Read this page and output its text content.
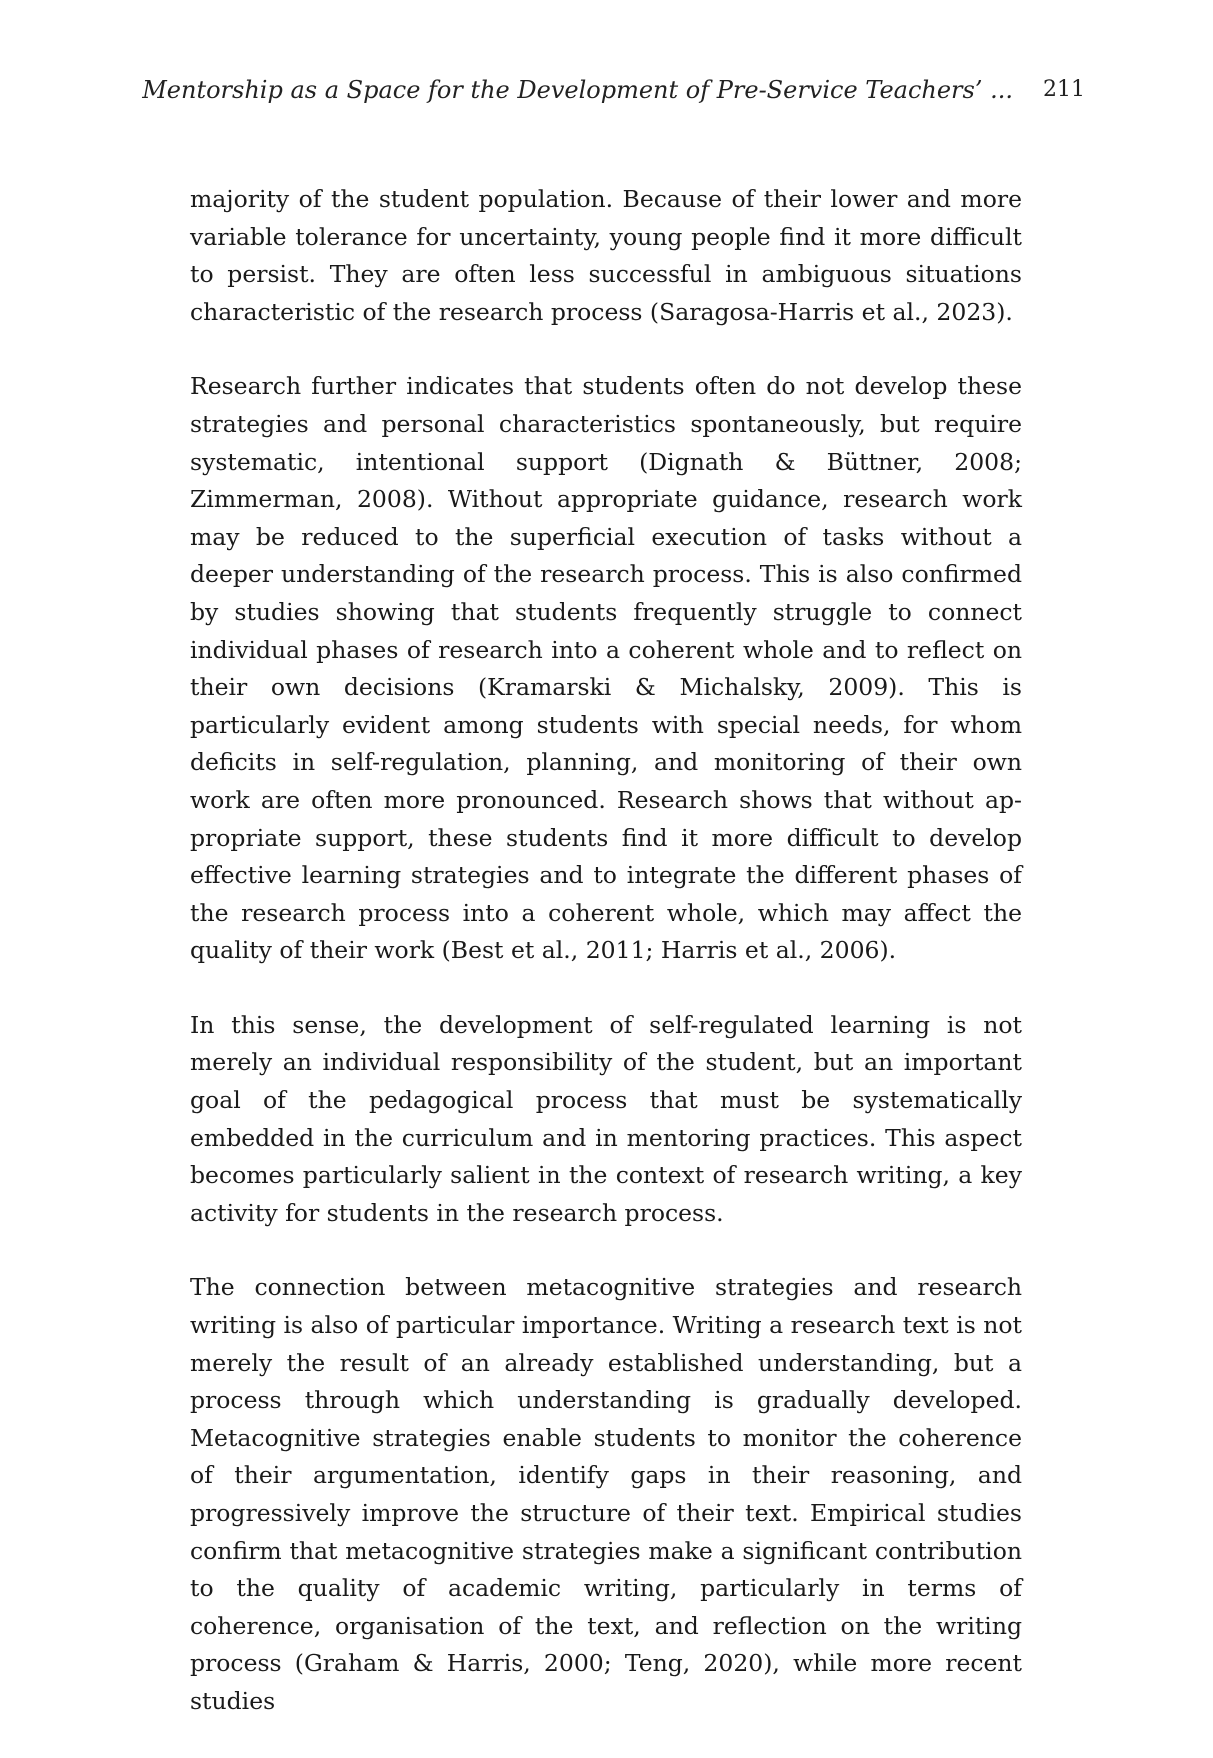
Mentorship as a Space for the Development of Pre-Service Teachers’ ... 211

majority of the student population. Because of their lower and more variable tolerance for uncertainty, young people find it more difficult to persist. They are often less successful in ambiguous situations characteristic of the research process (Saragosa-Harris et al., 2023).

Research further indicates that students often do not develop these strategies and personal characteristics spontaneously, but require systematic, intentional support (Dignath & Büttner, 2008; Zimmerman, 2008). Without appropriate guidance, research work may be reduced to the superficial execution of tasks without a deeper understanding of the research process. This is also confirmed by studies showing that students frequently struggle to connect individual phases of research into a coherent whole and to reflect on their own decisions (Kramarski & Michalsky, 2009). This is particularly evident among students with special needs, for whom deficits in self-regulation, planning, and monitoring of their own work are often more pronounced. Research shows that without appropriate support, these students find it more difficult to develop effective learning strategies and to integrate the different phases of the research process into a coherent whole, which may affect the quality of their work (Best et al., 2011; Harris et al., 2006).

In this sense, the development of self-regulated learning is not merely an individual responsibility of the student, but an important goal of the pedagogical process that must be systematically embedded in the curriculum and in mentoring practices. This aspect becomes particularly salient in the context of research writing, a key activity for students in the research process.

The connection between metacognitive strategies and research writing is also of particular importance. Writing a research text is not merely the result of an already established understanding, but a process through which understanding is gradually developed. Metacognitive strategies enable students to monitor the coherence of their argumentation, identify gaps in their reasoning, and progressively improve the structure of their text. Empirical studies confirm that metacognitive strategies make a significant contribution to the quality of academic writing, particularly in terms of coherence, organisation of the text, and reflection on the writing process (Graham & Harris, 2000; Teng, 2020), while more recent studies
